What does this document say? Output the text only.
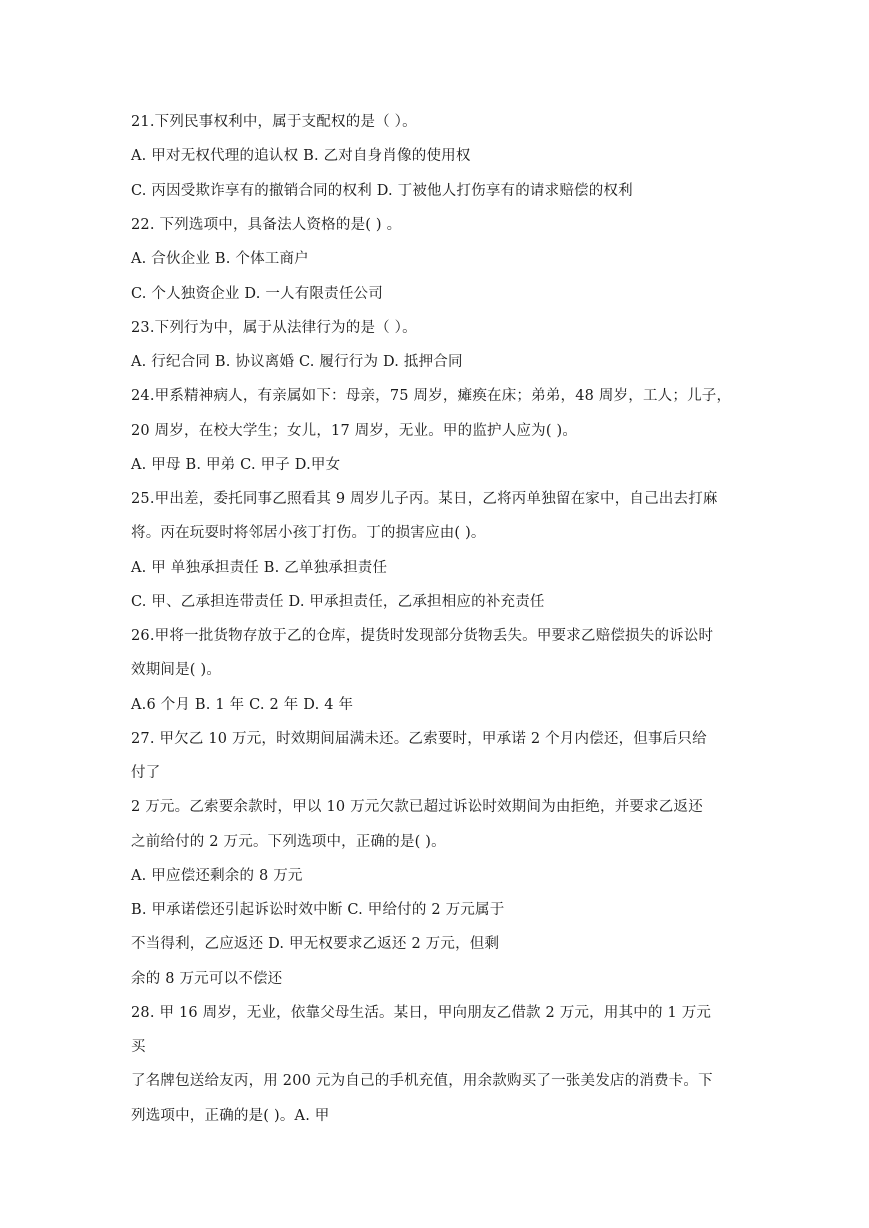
21.下列民事权利中，属于支配权的是（ ）。
A. 甲对无权代理的追认权 B. 乙对自身肖像的使用权
C. 丙因受欺诈享有的撤销合同的权利 D. 丁被他人打伤享有的请求赔偿的权利
22. 下列选项中，具备法人资格的是( ) 。
A. 合伙企业 B. 个体工商户
C. 个人独资企业 D. 一人有限责任公司
23.下列行为中，属于从法律行为的是（ ）。
A. 行纪合同 B. 协议离婚 C. 履行行为 D. 抵押合同
24.甲系精神病人，有亲属如下：母亲，75 周岁，瘫痪在床；弟弟，48 周岁，工人；儿子，
20 周岁，在校大学生；女儿，17 周岁，无业。甲的监护人应为( )。
A. 甲母 B. 甲弟 C. 甲子 D.甲女
25.甲出差，委托同事乙照看其 9 周岁儿子丙。某日，乙将丙单独留在家中，自己出去打麻
将。丙在玩耍时将邻居小孩丁打伤。丁的损害应由( )。
A. 甲 单独承担责任 B. 乙单独承担责任
C. 甲、乙承担连带责任 D. 甲承担责任，乙承担相应的补充责任
26.甲将一批货物存放于乙的仓库，提货时发现部分货物丢失。甲要求乙赔偿损失的诉讼时
效期间是( )。
A.6 个月 B. 1 年 C. 2 年 D. 4 年
27. 甲欠乙 10 万元，时效期间届满未还。乙索要时，甲承诺 2 个月内偿还，但事后只给
付了
2 万元。乙索要余款时，甲以 10 万元欠款已超过诉讼时效期间为由拒绝，并要求乙返还
之前给付的 2 万元。下列选项中，正确的是( )。
A. 甲应偿还剩余的 8 万元
B. 甲承诺偿还引起诉讼时效中断 C. 甲给付的 2 万元属于
不当得利，乙应返还 D. 甲无权要求乙返还 2 万元，但剩
余的 8 万元可以不偿还
28. 甲 16 周岁，无业，依靠父母生活。某日，甲向朋友乙借款 2 万元，用其中的 1 万元
买
了名牌包送给友丙，用 200 元为自己的手机充值，用余款购买了一张美发店的消费卡。下
列选项中，正确的是( )。A. 甲
